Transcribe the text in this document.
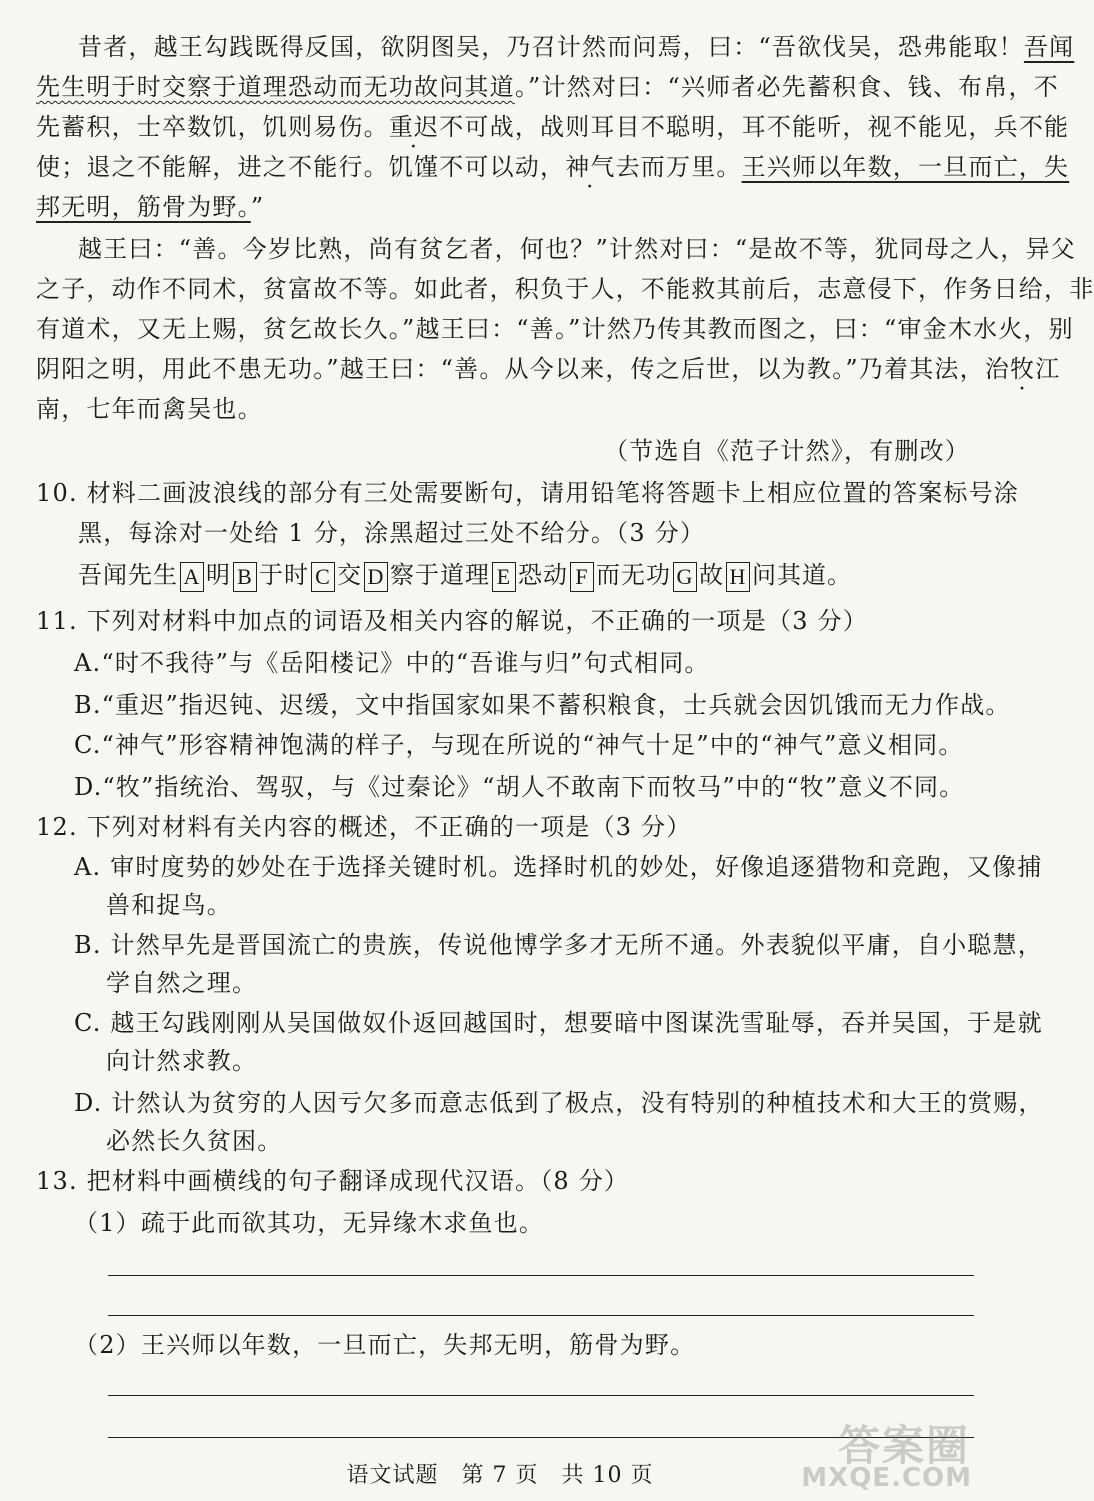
昔者，越王勾践既得反国，欲阴图吴，乃召计然而问焉，曰：“吾欲伐吴，恐弗能取！吾闻
先生明于时交察于道理恐动而无功故问其道。”计然对曰：“兴师者必先蓄积食、钱、布帛，不
先蓄积，士卒数饥，饥则易伤。重迟不可战，战则耳目不聪明，耳不能听，视不能见，兵不能
使；退之不能解，进之不能行。饥馑不可以动，神气去而万里。王兴师以年数，一旦而亡，失
邦无明，筋骨为野。”
越王曰：“善。今岁比熟，尚有贫乞者，何也？”计然对曰：“是故不等，犹同母之人，异父
之子，动作不同术，贫富故不等。如此者，积负于人，不能救其前后，志意侵下，作务日给，非
有道术，又无上赐，贫乞故长久。”越王曰：“善。”计然乃传其教而图之，曰：“审金木水火，别
阴阳之明，用此不患无功。”越王曰：“善。从今以来，传之后世，以为教。”乃着其法，治牧江
南，七年而禽吴也。
（节选自《范子计然》，有删改）
10. 材料二画波浪线的部分有三处需要断句，请用铅笔将答题卡上相应位置的答案标号涂
黑，每涂对一处给 1 分，涂黑超过三处不给分。（3 分）
吾闻先生 A 明 B 于时 C 交 D 察于道理 E 恐动 F 而无功 G 故 H 问其道。
11. 下列对材料中加点的词语及相关内容的解说，不正确的一项是（3 分）
A.“时不我待”与《岳阳楼记》中的“吾谁与归”句式相同。
B.“重迟”指迟钝、迟缓，文中指国家如果不蓄积粮食，士兵就会因饥饿而无力作战。
C.“神气”形容精神饱满的样子，与现在所说的“神气十足”中的“神气”意义相同。
D.“牧”指统治、驾驭，与《过秦论》“胡人不敢南下而牧马”中的“牧”意义不同。
12. 下列对材料有关内容的概述，不正确的一项是（3 分）
A. 审时度势的妙处在于选择关键时机。选择时机的妙处，好像追逐猎物和竞跑，又像捕
兽和捉鸟。
B. 计然早先是晋国流亡的贵族，传说他博学多才无所不通。外表貌似平庸，自小聪慧，
学自然之理。
C. 越王勾践刚刚从吴国做奴仆返回越国时，想要暗中图谋洗雪耻辱，吞并吴国，于是就
向计然求教。
D. 计然认为贫穷的人因亏欠多而意志低到了极点，没有特别的种植技术和大王的赏赐，
必然长久贫困。
13. 把材料中画横线的句子翻译成现代汉语。（8 分）
（1）疏于此而欲其功，无异缘木求鱼也。
（2）王兴师以年数，一旦而亡，失邦无明，筋骨为野。
语文试题　第 7 页　共 10 页
答案圈
MXQE.COM
